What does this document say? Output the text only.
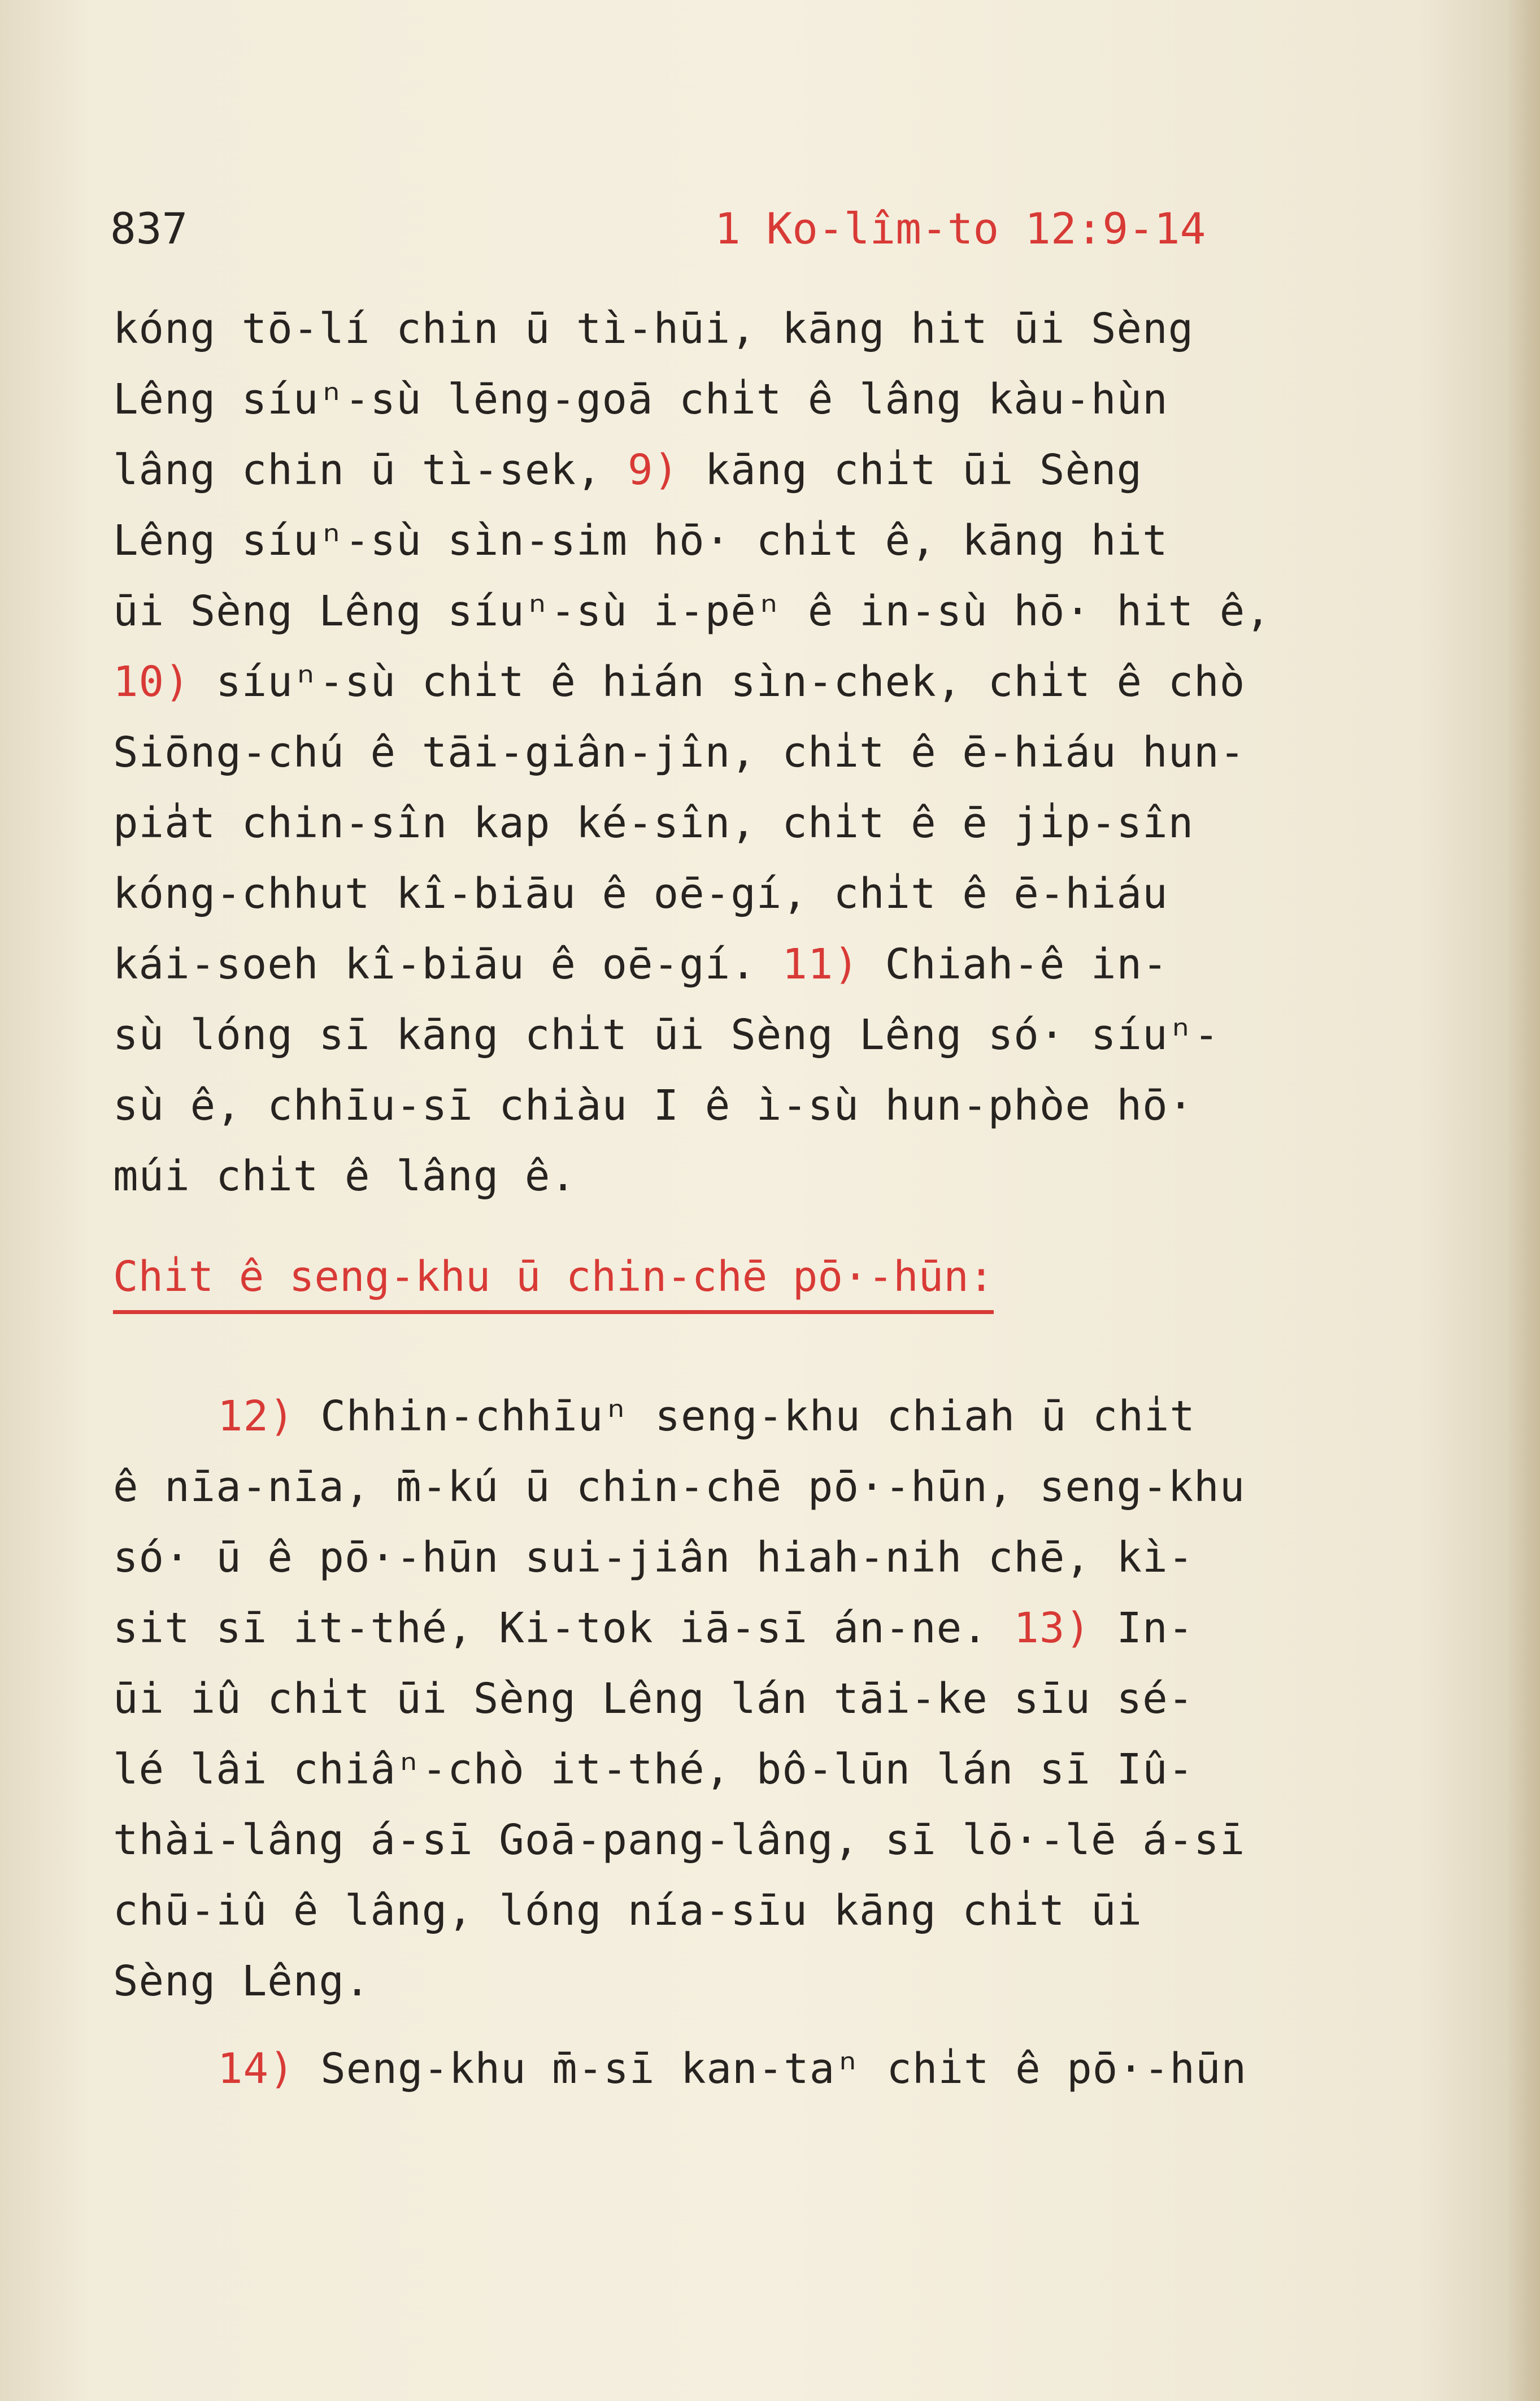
837	1 Ko-lîm-to 12:9-14
kóng tō-lí chin ū tì-hūi, kāng hit ūi Sèng
Lêng síuⁿ-sù lēng-goā chi̍t ê lâng kàu-hùn
lâng chin ū tì-sek, 9) kāng chi̍t ūi Sèng
Lêng síuⁿ-sù sìn-sim hō· chi̍t ê, kāng hit
ūi Sèng Lêng síuⁿ-sù i-pēⁿ ê in-sù hō· hit ê,
10) síuⁿ-sù chi̍t ê hián sìn-chek, chi̍t ê chò
Siōng-chú ê tāi-giân-jîn, chi̍t ê ē-hiáu hun-
pia̍t chin-sîn kap ké-sîn, chi̍t ê ē ji̍p-sîn
kóng-chhut kî-biāu ê oē-gí, chi̍t ê ē-hiáu
kái-soeh kî-biāu ê oē-gí. 11) Chiah-ê in-
sù lóng sī kāng chi̍t ūi Sèng Lêng só· síuⁿ-
sù ê, chhīu-sī chiàu I ê ì-sù hun-phòe hō·
múi chi̍t ê lâng ê.
Chi̍t ê seng-khu ū chin-chē pō·-hūn:
12) Chhin-chhīuⁿ seng-khu chiah ū chi̍t
ê nīa-nīa, m̄-kú ū chin-chē pō·-hūn, seng-khu
só· ū ê pō·-hūn sui-jiân hiah-nih chē, kì-
sit sī it-thé, Ki-tok iā-sī án-ne. 13) In-
ūi iû chi̍t ūi Sèng Lêng lán tāi-ke sīu sé-
lé lâi chiâⁿ-chò it-thé, bô-lūn lán sī Iû-
thài-lâng á-sī Goā-pang-lâng, sī lō·-lē á-sī
chū-iû ê lâng, lóng nía-sīu kāng chi̍t ūi
Sèng Lêng.
14) Seng-khu m̄-sī kan-taⁿ chi̍t ê pō·-hūn
